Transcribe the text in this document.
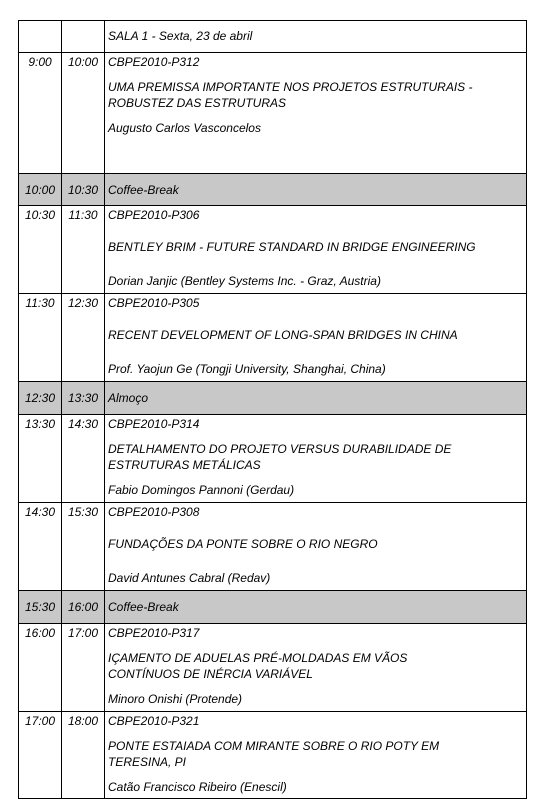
		SALA 1 - Sexta, 23 de abril
9:00	10:00	CBPE2010-P312
UMA PREMISSA IMPORTANTE NOS PROJETOS ESTRUTURAIS -
ROBUSTEZ DAS ESTRUTURAS
Augusto Carlos Vasconcelos

10:00	10:30	Coffee-Break
10:30	11:30	CBPE2010-P306
BENTLEY BRIM - FUTURE STANDARD IN BRIDGE ENGINEERING
Dorian Janjic (Bentley Systems Inc. - Graz, Austria)

11:30	12:30	CBPE2010-P305
RECENT DEVELOPMENT OF LONG-SPAN BRIDGES IN CHINA
Prof. Yaojun Ge (Tongji University, Shanghai, China)

12:30	13:30	Almoço
13:30	14:30	CBPE2010-P314
DETALHAMENTO DO PROJETO VERSUS DURABILIDADE DE
ESTRUTURAS METÁLICAS
Fabio Domingos Pannoni (Gerdau)

14:30	15:30	CBPE2010-P308
FUNDAÇÕES DA PONTE SOBRE O RIO NEGRO
David Antunes Cabral (Redav)

15:30	16:00	Coffee-Break
16:00	17:00	CBPE2010-P317
IÇAMENTO DE ADUELAS PRÉ-MOLDADAS EM VÃOS
CONTÍNUOS DE INÉRCIA VARIÁVEL
Minoro Onishi (Protende)

17:00	18:00	CBPE2010-P321
PONTE ESTAIADA COM MIRANTE SOBRE O RIO POTY EM
TERESINA, PI
Catão Francisco Ribeiro (Enescil)
